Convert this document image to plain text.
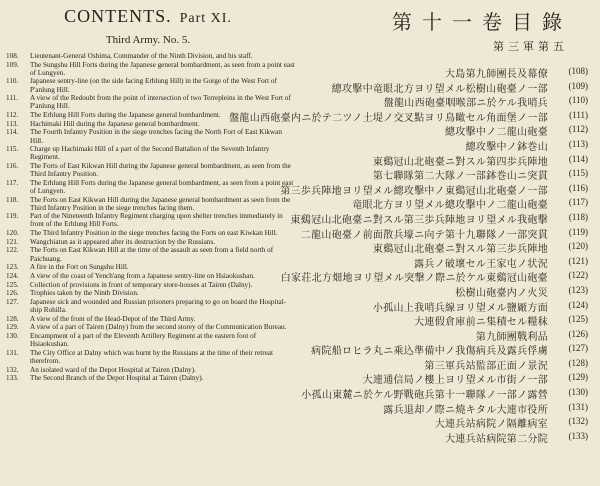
CONTENTS. Part XI.
Third Army. No. 5.
108.	Lieutenant-General Oshima, Commander of the Ninth Division, and his staff.
109.	The Sungshu Hill Forts during the Japanese general bombardment, as seen from a point east of Lungyen.
110.	Japanese sentry-line (on the side facing Erhlung Hill) in the Gorge of the West Fort of P'anlung Hill.
111.	A view of the Redoubt from the point of intersection of two Terrepleins in the West Fort of P'anlung Hill.
112.	The Erhlung Hill Forts during the Japanese general bombardment.
113.	Hachimaki Hill during the Japanese general bombardment.
114.	The Fourth Infantry Position in the siege trenches facing the North Fort of East Kikwan Hill.
115.	Charge up Hachimaki Hill of a part of the Second Battalion of the Seventh Infantry Regiment.
116.	The Forts of East Kikwan Hill during the Japanese general bombardment, as seen from the Third Infantry Position.
117.	The Erhlung Hill Forts during the Japanese general bombardment, as seen from a point east of Lungyen.
118.	The Forts on East Kikwan Hill during the Japanese general bombardment as seen from the Third Infantry Position in the siege trenches facing them.
119.	Part of the Nineteenth Infantry Regiment charging upon shelter trenches immediately in front of the Erhlung Hill Forts.
120.	The Third Infantry Position in the siege trenches facing the Forts on east Kiwkan Hill.
121.	Wangchiatun as it appeared after its destruction by the Russians.
122.	The Forts on East Kikwan Hill at the time of the assault as seen from a field north of Paichuang.
123.	A fire in the Fort on Sungshu Hill.
124.	A view of the coast of Yench'ang from a Japanese sentry-line on Hsiaokushan.
125.	Collection of provisions in front of temporary store-houses at Tairen (Dalny).
126.	Trophies taken by the Ninth Division.
127.	Japanese sick and wounded and Russian prisoners preparing to go on board the Hospital-ship Rohilla.
128.	A view of the front of the Head-Depot of the Third Army.
129.	A view of a part of Tairen (Dalny) from the second storey of the Communication Bureau.
130.	Encampment of a part of the Eleventh Artillery Regiment at the eastern foot of Hsiaokushan.
131.	The City Office at Dalny which was burnt by the Russians at the time of their retreat therefrom.
132.	An isolated ward of the Depot Hospital at Tairen (Dalny).
133.	The Second Branch of the Depot Hospital at Tairen (Dalny).
第十一卷目錄
第三軍第五
大島第九師團長及幕僚 (108)
總攻擊中竜眼北方ヨリ望メル松樹山砲臺ノ一部 (109)
盤龍山西砲臺咽喉部ニ於ケル我哨兵 (110)
盤龍山西砲臺内ニ於テ二ツノ土堤ノ交叉點ヨリ鳥瞰セル角面堡ノ一部 (111)
總攻擊中ノ二龍山砲臺 (112)
總攻擊中ノ鉢巻山 (113)
東鷄冠山北砲臺ニ對スル第四歩兵陣地 (114)
第七聯隊第二大隊ノ一部鉢巻山ニ突貫 (115)
第三歩兵陣地ヨリ望メル總攻擊中ノ東鷄冠山北砲臺ノ一部 (116)
竜眼北方ヨリ望メル總攻擊中ノ二龍山砲臺 (117)
東鷄冠山北砲臺ニ對スル第三歩兵陣地ヨリ望メル我砲擊 (118)
二龍山砲臺ノ前面散兵壕ニ向テ第十九聯隊ノ一部突貫 (119)
東鷄冠山北砲臺ニ對スル第三歩兵陣地 (120)
露兵ノ破壞セル王家屯ノ状況 (121)
白家荘北方畑地ヨリ望メル突撃ノ際ニ於ケル東鷄冠山砲臺 (122)
松樹山砲臺内ノ火災 (123)
小孤山上我哨兵線ヨリ望メル鹽厰方面 (124)
大連假倉庫前ニ集積セル糧秣 (125)
第九師團戰利品 (126)
病院船ロヒラ丸ニ乘込準備中ノ我傷病兵及露兵俘虜 (127)
第三軍兵站監部正面ノ景況 (128)
大連通信局ノ樓上ヨリ望メル市街ノ一部 (129)
小孤山東麓ニ於ケル野戰砲兵第十一聯隊ノ一部ノ露營 (130)
露兵退却ノ際ニ燒キタル大連市役所 (131)
大連兵站病院ノ隔離病室 (132)
大連兵站病院第二分院 (133)
